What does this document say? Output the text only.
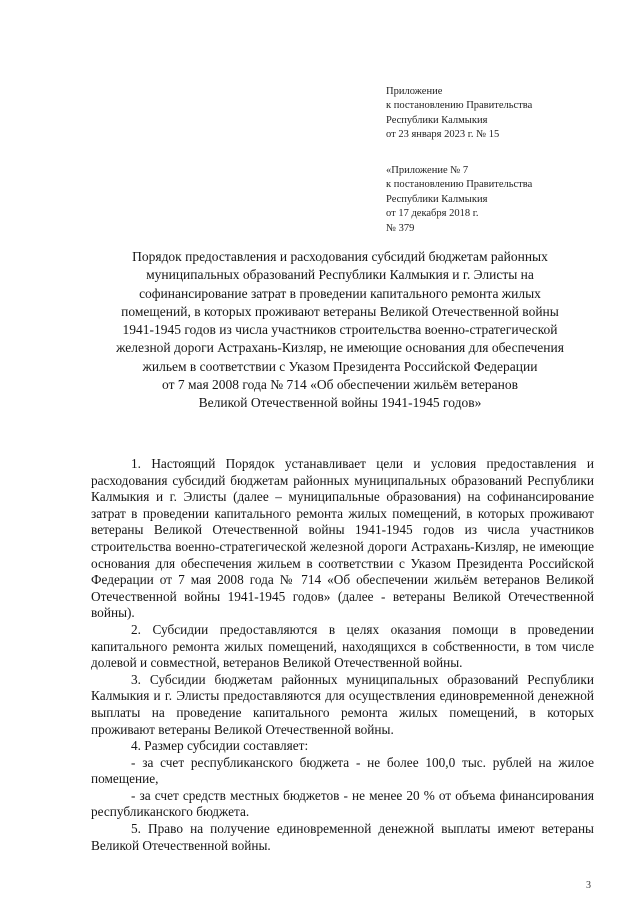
Приложение
к постановлению Правительства
Республики Калмыкия
от 23 января 2023 г. № 15
«Приложение № 7
к постановлению Правительства
Республики Калмыкия
от 17 декабря 2018 г.
№ 379
Порядок предоставления и расходования субсидий бюджетам районных
муниципальных образований Республики Калмыкия и г. Элисты на
софинансирование затрат в проведении капитального ремонта жилых
помещений, в которых проживают ветераны Великой Отечественной войны
1941-1945 годов из числа участников строительства военно-стратегической
железной дороги Астрахань-Кизляр, не имеющие основания для обеспечения
жильем в соответствии с Указом Президента Российской Федерации
от 7 мая 2008 года № 714 «Об обеспечении жильём ветеранов
Великой Отечественной войны 1941-1945 годов»

1. Настоящий Порядок устанавливает цели и условия предоставления и расходования субсидий бюджетам районных муниципальных образований Республики Калмыкия и г. Элисты (далее – муниципальные образования) на софинансирование затрат в проведении капитального ремонта жилых помещений, в которых проживают ветераны Великой Отечественной войны 1941-1945 годов из числа участников строительства военно-стратегической железной дороги Астрахань-Кизляр, не имеющие основания для обеспечения жильем в соответствии с Указом Президента Российской Федерации от 7 мая 2008 года № 714 «Об обеспечении жильём ветеранов Великой Отечественной войны 1941-1945 годов» (далее - ветераны Великой Отечественной войны).

2. Субсидии предоставляются в целях оказания помощи в проведении капитального ремонта жилых помещений, находящихся в собственности, в том числе долевой и совместной, ветеранов Великой Отечественной войны.

3. Субсидии бюджетам районных муниципальных образований Республики Калмыкия и г. Элисты предоставляются для осуществления единовременной денежной выплаты на проведение капитального ремонта жилых помещений, в которых проживают ветераны Великой Отечественной войны.

4. Размер субсидии составляет:

- за счет республиканского бюджета - не более 100,0 тыс. рублей на жилое помещение,

- за счет средств местных бюджетов - не менее 20 % от объема финансирования республиканского бюджета.

5. Право на получение единовременной денежной выплаты имеют ветераны Великой Отечественной войны.

3
